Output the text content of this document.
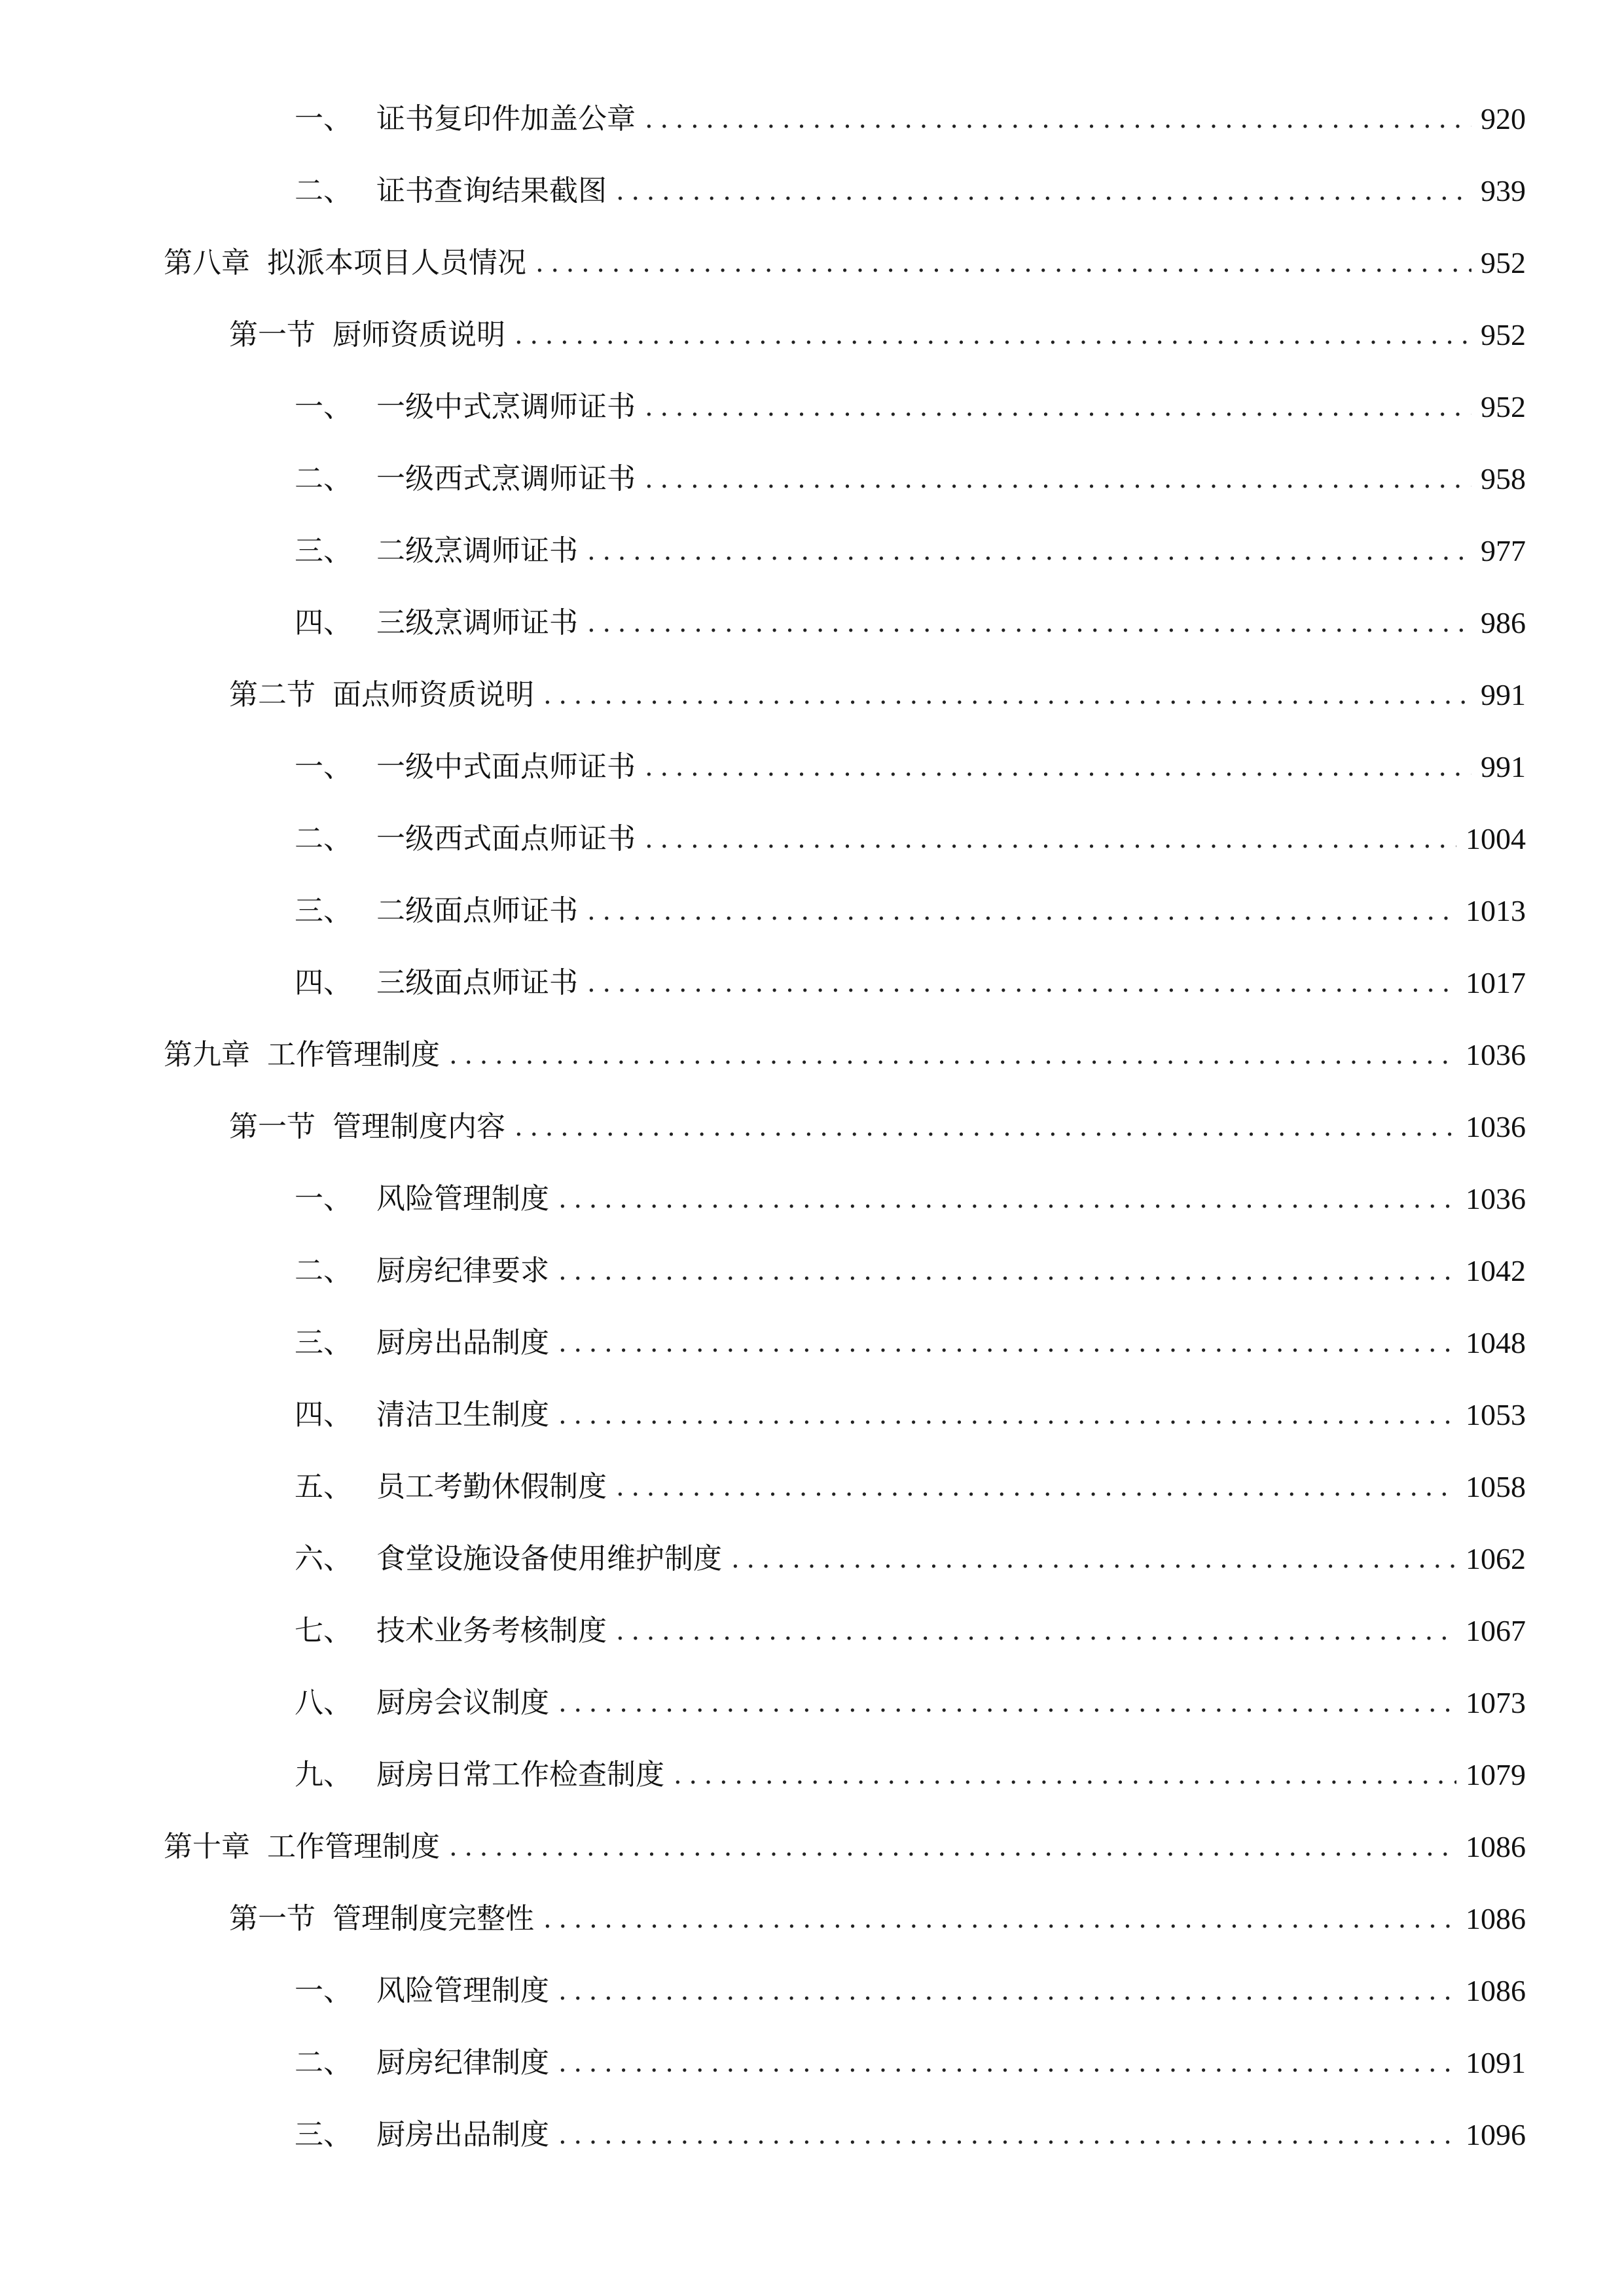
一、 证书复印件加盖公章 .....	920
二、 证书查询结果截图 .....	939
第八章 拟派本项目人员情况 .....	952
第一节 厨师资质说明 .....	952
一、 一级中式烹调师证书 .....	952
二、 一级西式烹调师证书 .....	958
三、 二级烹调师证书 .....	977
四、 三级烹调师证书 .....	986
第二节 面点师资质说明 .....	991
一、 一级中式面点师证书 .....	991
二、 一级西式面点师证书 .....	1004
三、 二级面点师证书 .....	1013
四、 三级面点师证书 .....	1017
第九章 工作管理制度 .....	1036
第一节 管理制度内容 .....	1036
一、 风险管理制度 .....	1036
二、 厨房纪律要求 .....	1042
三、 厨房出品制度 .....	1048
四、 清洁卫生制度 .....	1053
五、 员工考勤休假制度 .....	1058
六、 食堂设施设备使用维护制度 .....	1062
七、 技术业务考核制度 .....	1067
八、 厨房会议制度 .....	1073
九、 厨房日常工作检查制度 .....	1079
第十章 工作管理制度 .....	1086
第一节 管理制度完整性 .....	1086
一、 风险管理制度 .....	1086
二、 厨房纪律制度 .....	1091
三、 厨房出品制度 .....	1096
